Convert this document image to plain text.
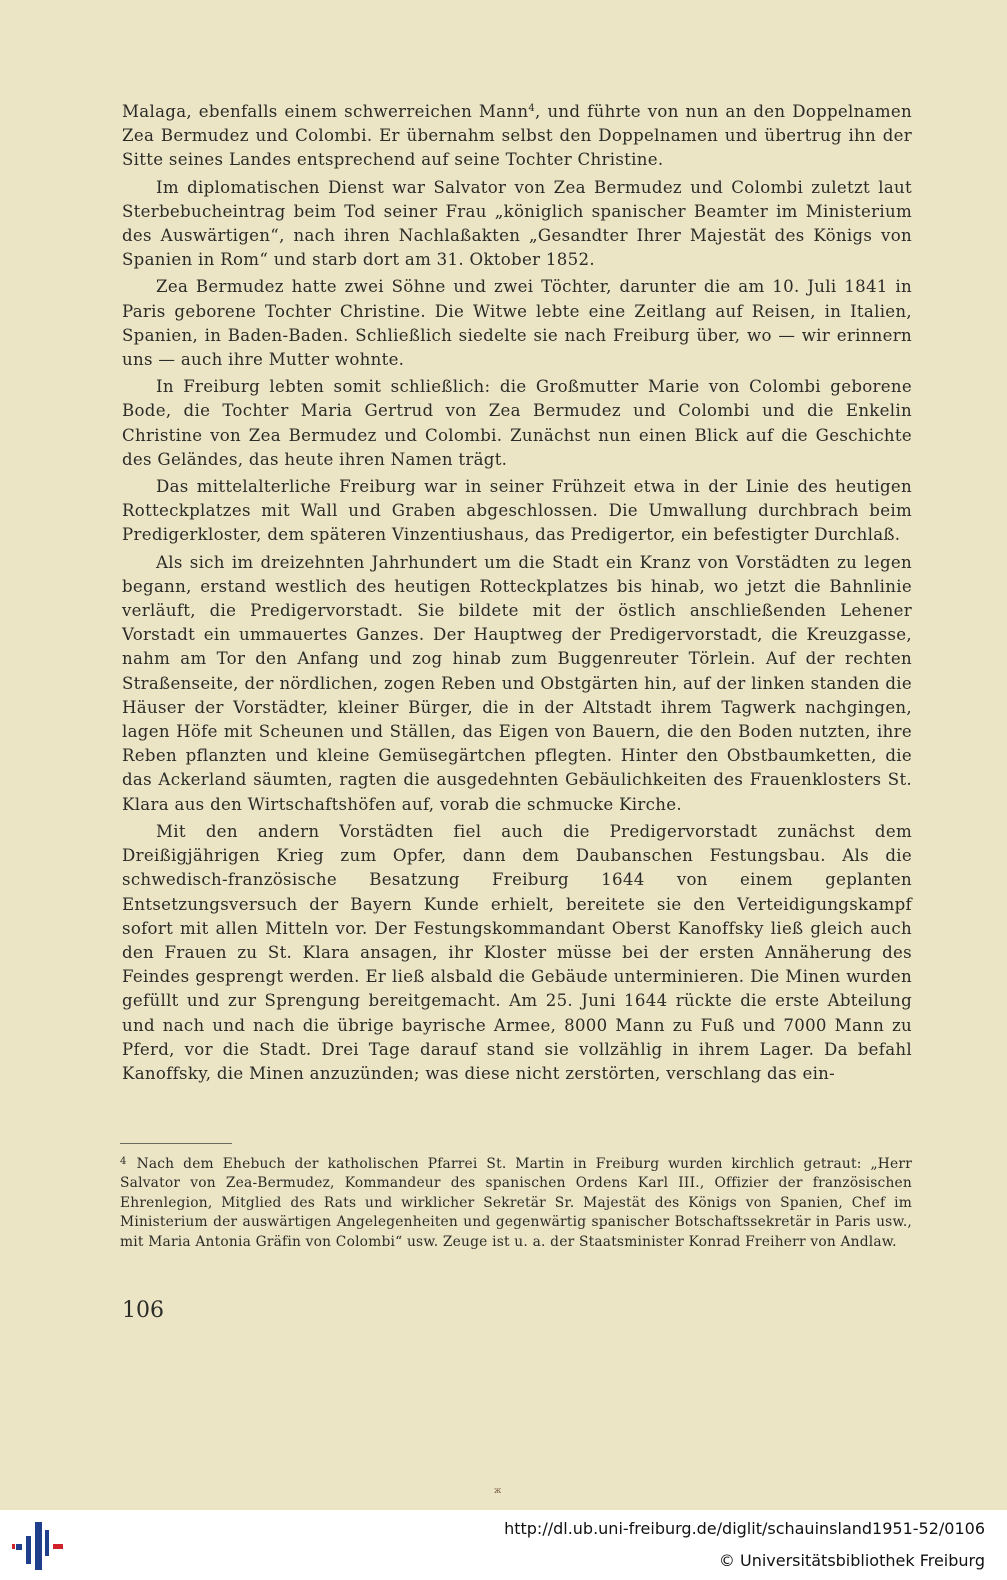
Malaga, ebenfalls einem schwerreichen Mann$^4$, und führte von nun an den Doppelnamen Zea Bermudez und Colombi. Er übernahm selbst den Doppelnamen und übertrug ihn der Sitte seines Landes entsprechend auf seine Tochter Christine.

Im diplomatischen Dienst war Salvator von Zea Bermudez und Colombi zuletzt laut Sterbebucheintrag beim Tod seiner Frau „königlich spanischer Beamter im Ministerium des Auswärtigen“, nach ihren Nachlaßakten „Gesandter Ihrer Majestät des Königs von Spanien in Rom“ und starb dort am 31. Oktober 1852.

Zea Bermudez hatte zwei Söhne und zwei Töchter, darunter die am 10. Juli 1841 in Paris geborene Tochter Christine. Die Witwe lebte eine Zeitlang auf Reisen, in Italien, Spanien, in Baden-Baden. Schließlich siedelte sie nach Freiburg über, wo — wir erinnern uns — auch ihre Mutter wohnte.

In Freiburg lebten somit schließlich: die Großmutter Marie von Colombi geborene Bode, die Tochter Maria Gertrud von Zea Bermudez und Colombi und die Enkelin Christine von Zea Bermudez und Colombi. Zunächst nun einen Blick auf die Geschichte des Geländes, das heute ihren Namen trägt.

Das mittelalterliche Freiburg war in seiner Frühzeit etwa in der Linie des heutigen Rotteckplatzes mit Wall und Graben abgeschlossen. Die Umwallung durchbrach beim Predigerkloster, dem späteren Vinzentiushaus, das Predigertor, ein befestigter Durchlaß.

Als sich im dreizehnten Jahrhundert um die Stadt ein Kranz von Vorstädten zu legen begann, erstand westlich des heutigen Rotteckplatzes bis hinab, wo jetzt die Bahnlinie verläuft, die Predigervorstadt. Sie bildete mit der östlich anschließenden Lehener Vorstadt ein ummauertes Ganzes. Der Hauptweg der Predigervorstadt, die Kreuzgasse, nahm am Tor den Anfang und zog hinab zum Buggenreuter Törlein. Auf der rechten Straßenseite, der nördlichen, zogen Reben und Obstgärten hin, auf der linken standen die Häuser der Vorstädter, kleiner Bürger, die in der Altstadt ihrem Tagwerk nachgingen, lagen Höfe mit Scheunen und Ställen, das Eigen von Bauern, die den Boden nutzten, ihre Reben pflanzten und kleine Gemüsegärtchen pflegten. Hinter den Obstbaumketten, die das Ackerland säumten, ragten die ausgedehnten Gebäulichkeiten des Frauenklosters St. Klara aus den Wirtschaftshöfen auf, vorab die schmucke Kirche.

Mit den andern Vorstädten fiel auch die Predigervorstadt zunächst dem Dreißigjährigen Krieg zum Opfer, dann dem Daubanschen Festungsbau. Als die schwedisch-französische Besatzung Freiburg 1644 von einem geplanten Entsetzungsversuch der Bayern Kunde erhielt, bereitete sie den Verteidigungskampf sofort mit allen Mitteln vor. Der Festungskommandant Oberst Kanoffsky ließ gleich auch den Frauen zu St. Klara ansagen, ihr Kloster müsse bei der ersten Annäherung des Feindes gesprengt werden. Er ließ alsbald die Gebäude unterminieren. Die Minen wurden gefüllt und zur Sprengung bereitgemacht. Am 25. Juni 1644 rückte die erste Abteilung und nach und nach die übrige bayrische Armee, 8000 Mann zu Fuß und 7000 Mann zu Pferd, vor die Stadt. Drei Tage darauf stand sie vollzählig in ihrem Lager. Da befahl Kanoffsky, die Minen anzuzünden; was diese nicht zerstörten, verschlang das ein-

$^4$ Nach dem Ehebuch der katholischen Pfarrei St. Martin in Freiburg wurden kirchlich getraut: „Herr Salvator von Zea-Bermudez, Kommandeur des spanischen Ordens Karl III., Offizier der französischen Ehrenlegion, Mitglied des Rats und wirklicher Sekretär Sr. Majestät des Königs von Spanien, Chef im Ministerium der auswärtigen Angelegenheiten und gegenwärtig spanischer Botschaftssekretär in Paris usw., mit Maria Antonia Gräfin von Colombi“ usw. Zeuge ist u. a. der Staatsminister Konrad Freiherr von Andlaw.
106
ж
http://dl.ub.uni-freiburg.de/diglit/schauinsland1951-52/0106
© Universitätsbibliothek Freiburg
